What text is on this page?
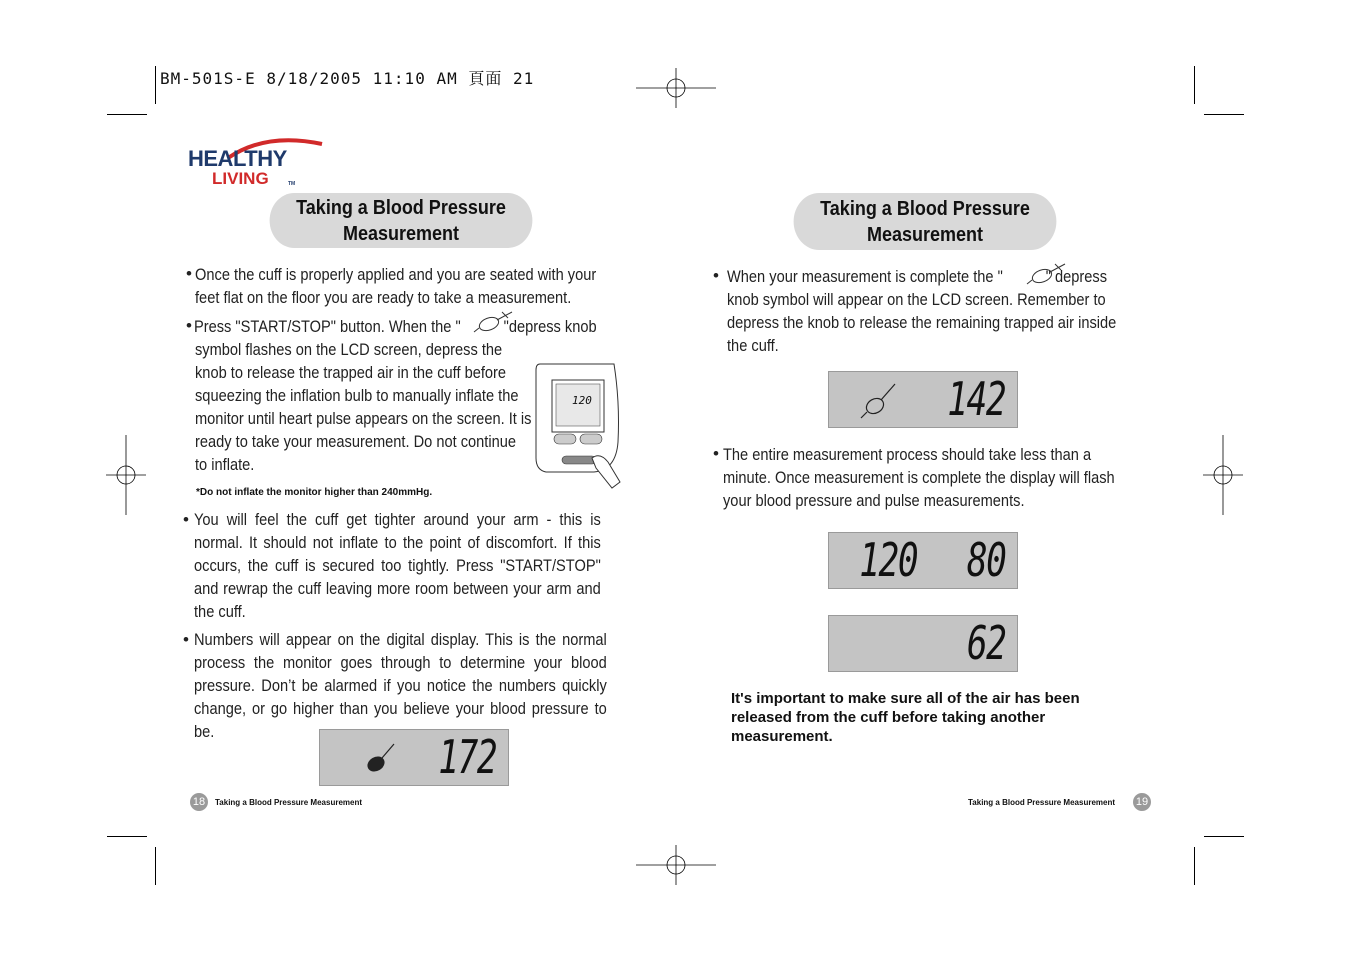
BM-501S-E 8/18/2005 11:10 AM 頁面 21
HEALTHY
LIVING	TM
Taking a Blood Pressure Measurement
• Once the cuff is properly applied and you are seated with your feet flat on the floor you are ready to take a measurement.
• Press "START/STOP" button. When the "	"depress knob
symbol flashes on the LCD screen, depress the knob to release the trapped air in the cuff before squeezing the inflation bulb to manually inflate the monitor until heart pulse appears on the screen. It is ready to take your measurement. Do not continue to inflate.
120
*Do not inflate the monitor higher than 240mmHg.
• You will feel the cuff get tighter around your arm - this is normal. It should not inflate to the point of discomfort. If this occurs, the cuff is secured too tightly. Press "START/STOP" and rewrap the cuff leaving more room between your arm and the cuff.
• Numbers will appear on the digital display. This is the normal process the monitor goes through to determine your blood pressure. Don’t be alarmed if you notice the numbers quickly change, or go higher than you believe your blood pressure to be.	172
18	Taking a Blood Pressure Measurement
Taking a Blood Pressure Measurement
• When your measurement is complete the "	" depress knob symbol will appear on the LCD screen. Remember to depress the knob to release the remaining trapped air inside the cuff.
142
• The entire measurement process should take less than a minute. Once measurement is complete the display will flash your blood pressure and pulse measurements.
120 80
62
It's important to make sure all of the air has been released from the cuff before taking another measurement.
Taking a Blood Pressure Measurement 19
